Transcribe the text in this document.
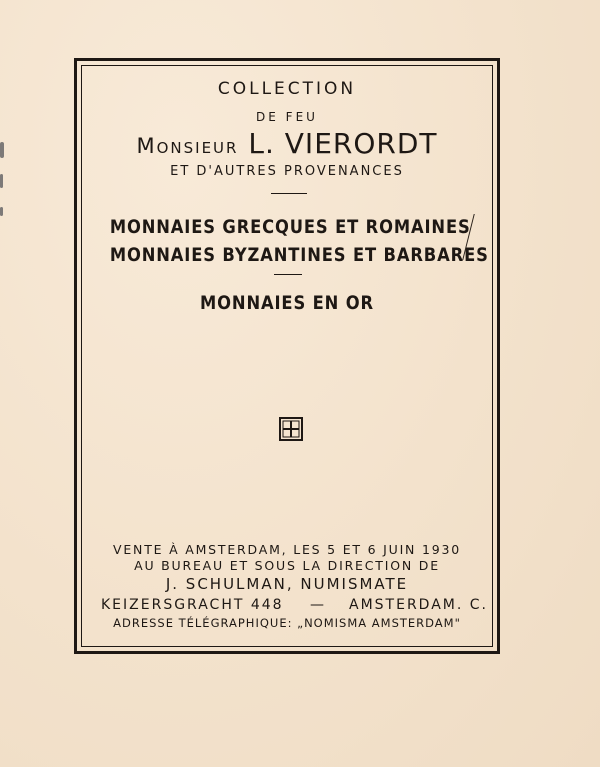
COLLECTION
DE FEU
Monsieur L. VIERORDT
ET D'AUTRES PROVENANCES
MONNAIES GRECQUES ET ROMAINES
MONNAIES BYZANTINES ET BARBARES
MONNAIES EN OR
VENTE À AMSTERDAM, LES 5 ET 6 JUIN 1930
AU BUREAU ET SOUS LA DIRECTION DE
J. SCHULMAN, NUMISMATE
KEIZERSGRACHT 448 — AMSTERDAM. C.
ADRESSE TÉLÉGRAPHIQUE: „NOMISMA AMSTERDAM"
